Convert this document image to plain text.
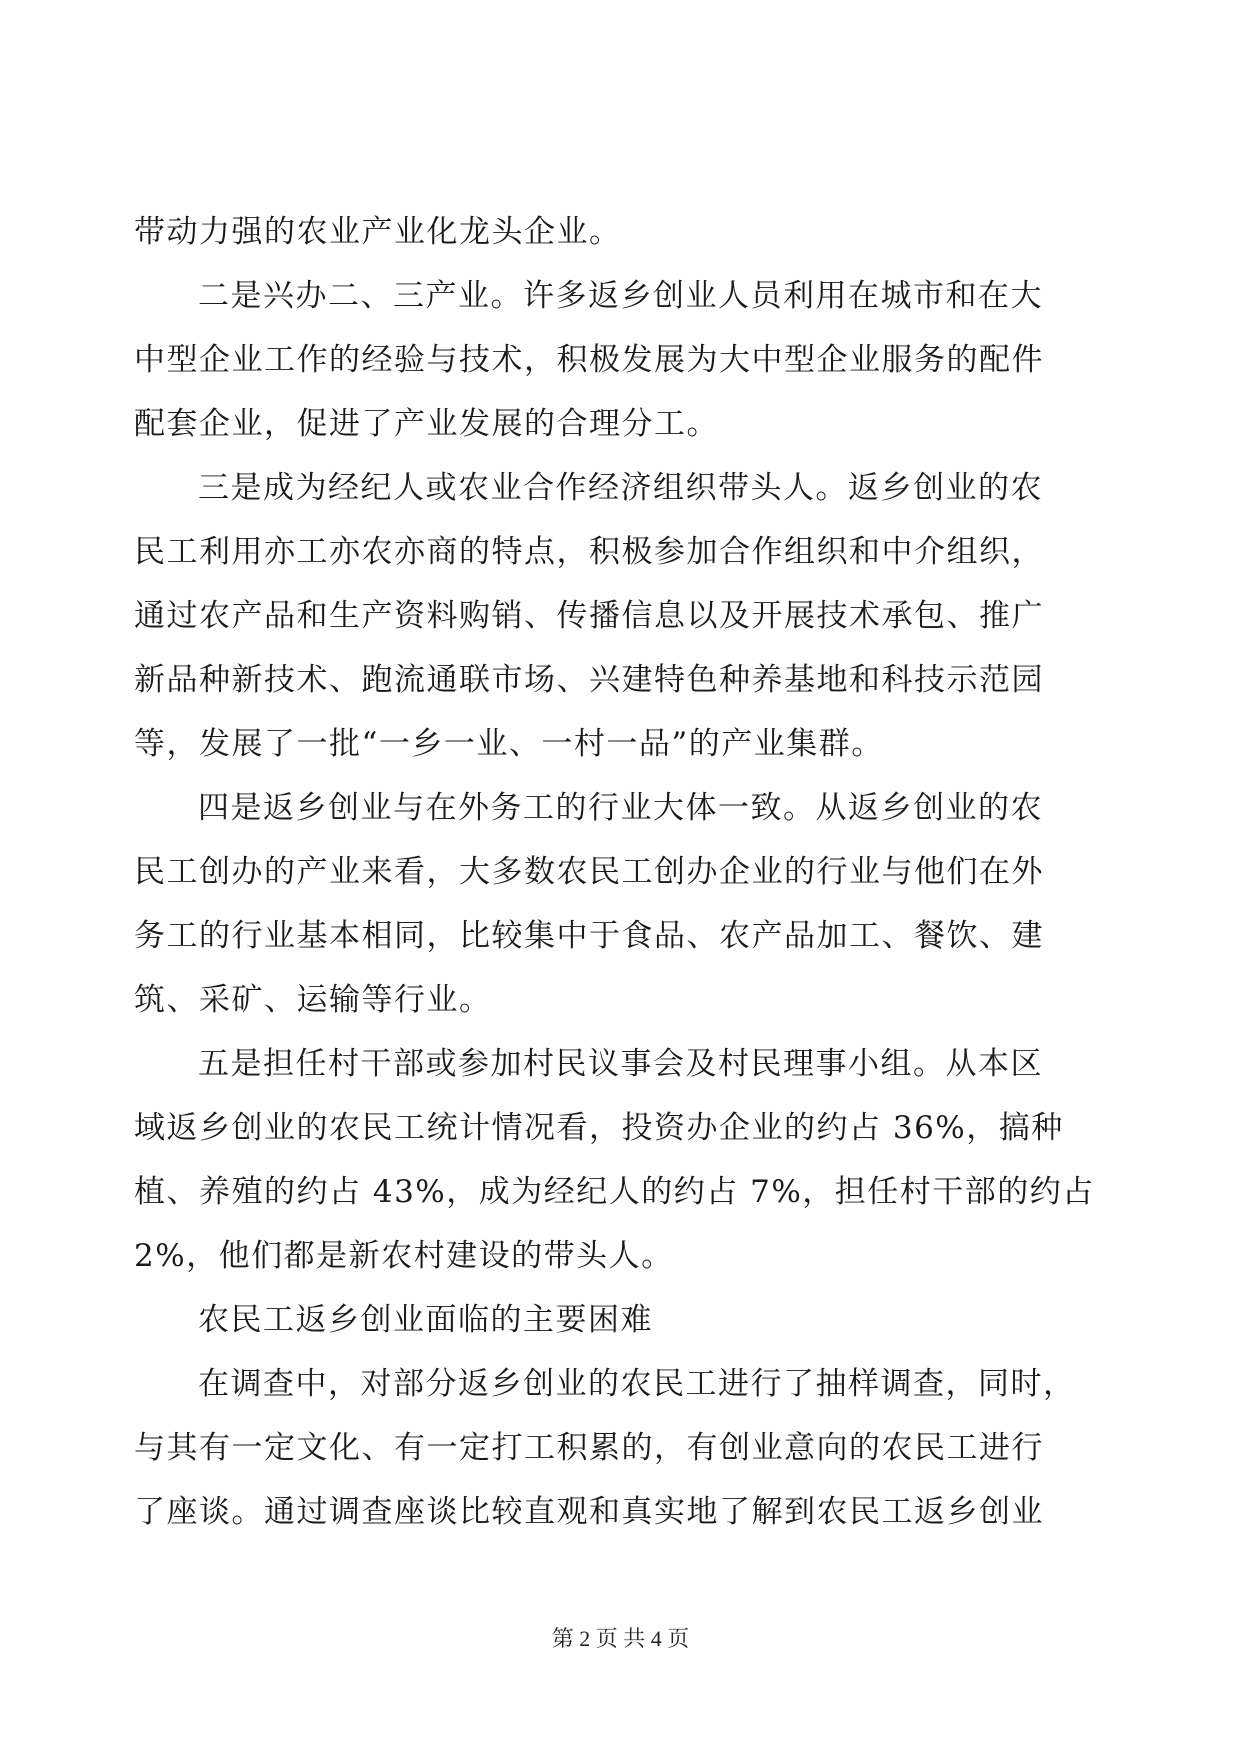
带动力强的农业产业化龙头企业。
二是兴办二、三产业。许多返乡创业人员利用在城市和在大
中型企业工作的经验与技术，积极发展为大中型企业服务的配件
配套企业，促进了产业发展的合理分工。
三是成为经纪人或农业合作经济组织带头人。返乡创业的农
民工利用亦工亦农亦商的特点，积极参加合作组织和中介组织，
通过农产品和生产资料购销、传播信息以及开展技术承包、推广
新品种新技术、跑流通联市场、兴建特色种养基地和科技示范园
等，发展了一批“一乡一业、一村一品”的产业集群。
四是返乡创业与在外务工的行业大体一致。从返乡创业的农
民工创办的产业来看，大多数农民工创办企业的行业与他们在外
务工的行业基本相同，比较集中于食品、农产品加工、餐饮、建
筑、采矿、运输等行业。
五是担任村干部或参加村民议事会及村民理事小组。从本区
域返乡创业的农民工统计情况看，投资办企业的约占 36%，搞种
植、养殖的约占 43%，成为经纪人的约占 7%，担任村干部的约占
2%，他们都是新农村建设的带头人。
农民工返乡创业面临的主要困难
在调查中，对部分返乡创业的农民工进行了抽样调查，同时，
与其有一定文化、有一定打工积累的，有创业意向的农民工进行
了座谈。通过调查座谈比较直观和真实地了解到农民工返乡创业
第 2 页 共 4 页
